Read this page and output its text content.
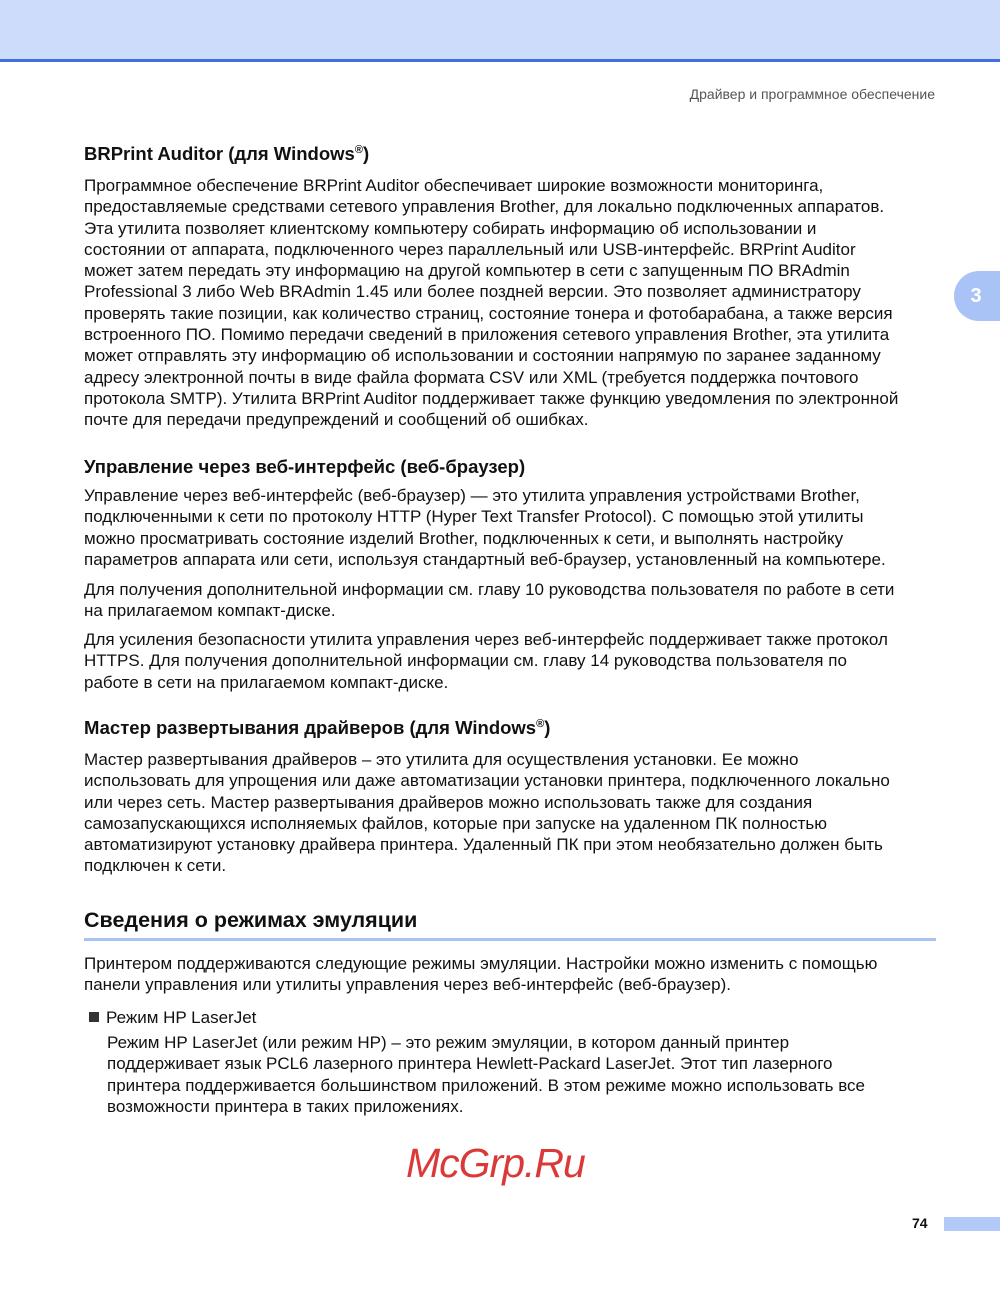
Драйвер и программное обеспечение
3
BRPrint Auditor (для Windows®)
Программное обеспечение BRPrint Auditor обеспечивает широкие возможности мониторинга,
предоставляемые средствами сетевого управления Brother, для локально подключенных аппаратов.
Эта утилита позволяет клиентскому компьютеру собирать информацию об использовании и
состоянии от аппарата, подключенного через параллельный или USB-интерфейс. BRPrint Auditor
может затем передать эту информацию на другой компьютер в сети с запущенным ПО BRAdmin
Professional 3 либо Web BRAdmin 1.45 или более поздней версии. Это позволяет администратору
проверять такие позиции, как количество страниц, состояние тонера и фотобарабана, а также версия
встроенного ПО. Помимо передачи сведений в приложения сетевого управления Brother, эта утилита
может отправлять эту информацию об использовании и состоянии напрямую по заранее заданному
адресу электронной почты в виде файла формата CSV или XML (требуется поддержка почтового
протокола SMTP). Утилита BRPrint Auditor поддерживает также функцию уведомления по электронной
почте для передачи предупреждений и сообщений об ошибках.
Управление через веб-интерфейс (веб-браузер)
Управление через веб-интерфейс (веб-браузер) — это утилита управления устройствами Brother,
подключенными к сети по протоколу HTTP (Hyper Text Transfer Protocol). С помощью этой утилиты
можно просматривать состояние изделий Brother, подключенных к сети, и выполнять настройку
параметров аппарата или сети, используя стандартный веб-браузер, установленный на компьютере.
Для получения дополнительной информации см. главу 10 руководства пользователя по работе в сети
на прилагаемом компакт-диске.
Для усиления безопасности утилита управления через веб-интерфейс поддерживает также протокол
HTTPS. Для получения дополнительной информации см. главу 14 руководства пользователя по
работе в сети на прилагаемом компакт-диске.
Мастер развертывания драйверов (для Windows®)
Мастер развертывания драйверов – это утилита для осуществления установки. Ее можно
использовать для упрощения или даже автоматизации установки принтера, подключенного локально
или через сеть. Мастер развертывания драйверов можно использовать также для создания
самозапускающихся исполняемых файлов, которые при запуске на удаленном ПК полностью
автоматизируют установку драйвера принтера. Удаленный ПК при этом необязательно должен быть
подключен к сети.
Сведения о режимах эмуляции
Принтером поддерживаются следующие режимы эмуляции. Настройки можно изменить с помощью
панели управления или утилиты управления через веб-интерфейс (веб-браузер).
Режим HP LaserJet
Режим HP LaserJet (или режим HP) – это режим эмуляции, в котором данный принтер
поддерживает язык PCL6 лазерного принтера Hewlett-Packard LaserJet. Этот тип лазерного
принтера поддерживается большинством приложений. В этом режиме можно использовать все
возможности принтера в таких приложениях.
McGrp.Ru
74
